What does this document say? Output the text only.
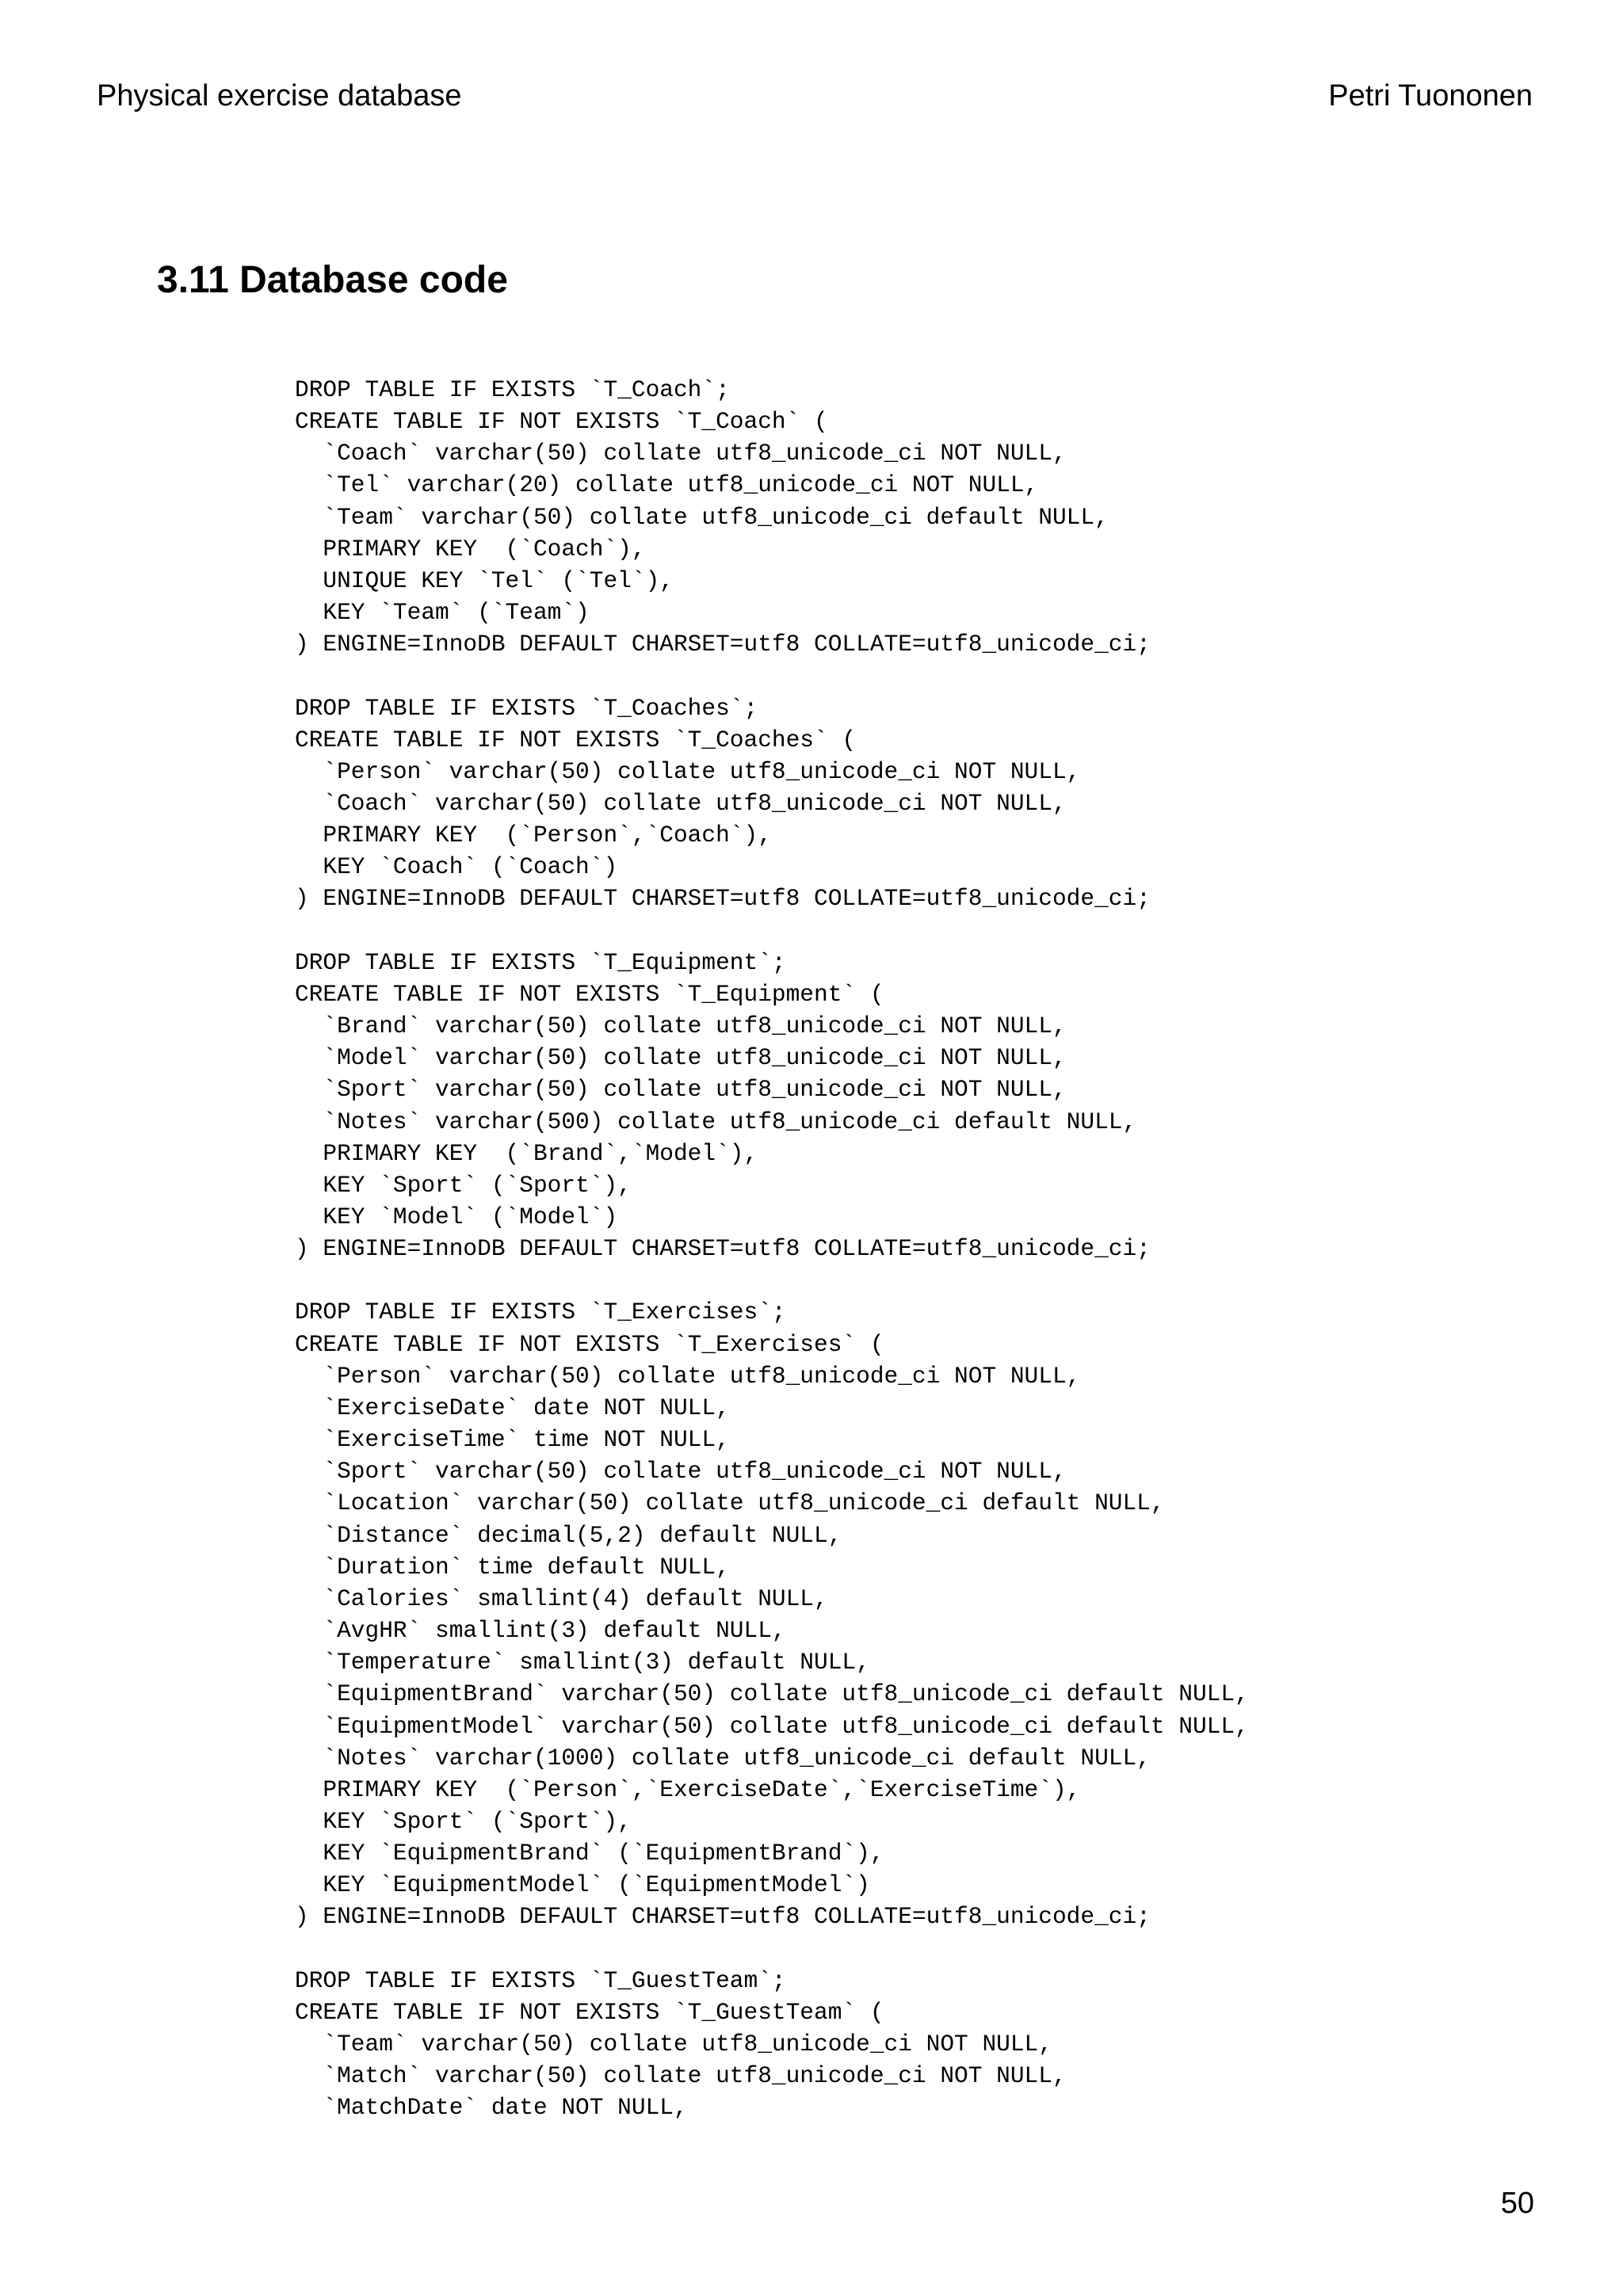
Physical exercise database	Petri Tuononen
3.11 Database code
DROP TABLE IF EXISTS `T_Coach`;
CREATE TABLE IF NOT EXISTS `T_Coach` (
`Coach` varchar(50) collate utf8_unicode_ci NOT NULL,
`Tel` varchar(20) collate utf8_unicode_ci NOT NULL,
`Team` varchar(50) collate utf8_unicode_ci default NULL,
PRIMARY KEY  (`Coach`),
UNIQUE KEY `Tel` (`Tel`),
KEY `Team` (`Team`)
) ENGINE=InnoDB DEFAULT CHARSET=utf8 COLLATE=utf8_unicode_ci;
DROP TABLE IF EXISTS `T_Coaches`;
CREATE TABLE IF NOT EXISTS `T_Coaches` (
`Person` varchar(50) collate utf8_unicode_ci NOT NULL,
`Coach` varchar(50) collate utf8_unicode_ci NOT NULL,
PRIMARY KEY  (`Person`,`Coach`),
KEY `Coach` (`Coach`)
) ENGINE=InnoDB DEFAULT CHARSET=utf8 COLLATE=utf8_unicode_ci;
DROP TABLE IF EXISTS `T_Equipment`;
CREATE TABLE IF NOT EXISTS `T_Equipment` (
`Brand` varchar(50) collate utf8_unicode_ci NOT NULL,
`Model` varchar(50) collate utf8_unicode_ci NOT NULL,
`Sport` varchar(50) collate utf8_unicode_ci NOT NULL,
`Notes` varchar(500) collate utf8_unicode_ci default NULL,
PRIMARY KEY  (`Brand`,`Model`),
KEY `Sport` (`Sport`),
KEY `Model` (`Model`)
) ENGINE=InnoDB DEFAULT CHARSET=utf8 COLLATE=utf8_unicode_ci;
DROP TABLE IF EXISTS `T_Exercises`;
CREATE TABLE IF NOT EXISTS `T_Exercises` (
`Person` varchar(50) collate utf8_unicode_ci NOT NULL,
`ExerciseDate` date NOT NULL,
`ExerciseTime` time NOT NULL,
`Sport` varchar(50) collate utf8_unicode_ci NOT NULL,
`Location` varchar(50) collate utf8_unicode_ci default NULL,
`Distance` decimal(5,2) default NULL,
`Duration` time default NULL,
`Calories` smallint(4) default NULL,
`AvgHR` smallint(3) default NULL,
`Temperature` smallint(3) default NULL,
`EquipmentBrand` varchar(50) collate utf8_unicode_ci default NULL,
`EquipmentModel` varchar(50) collate utf8_unicode_ci default NULL,
`Notes` varchar(1000) collate utf8_unicode_ci default NULL,
PRIMARY KEY  (`Person`,`ExerciseDate`,`ExerciseTime`),
KEY `Sport` (`Sport`),
KEY `EquipmentBrand` (`EquipmentBrand`),
KEY `EquipmentModel` (`EquipmentModel`)
) ENGINE=InnoDB DEFAULT CHARSET=utf8 COLLATE=utf8_unicode_ci;
DROP TABLE IF EXISTS `T_GuestTeam`;
CREATE TABLE IF NOT EXISTS `T_GuestTeam` (
`Team` varchar(50) collate utf8_unicode_ci NOT NULL,
`Match` varchar(50) collate utf8_unicode_ci NOT NULL,
`MatchDate` date NOT NULL,
50
